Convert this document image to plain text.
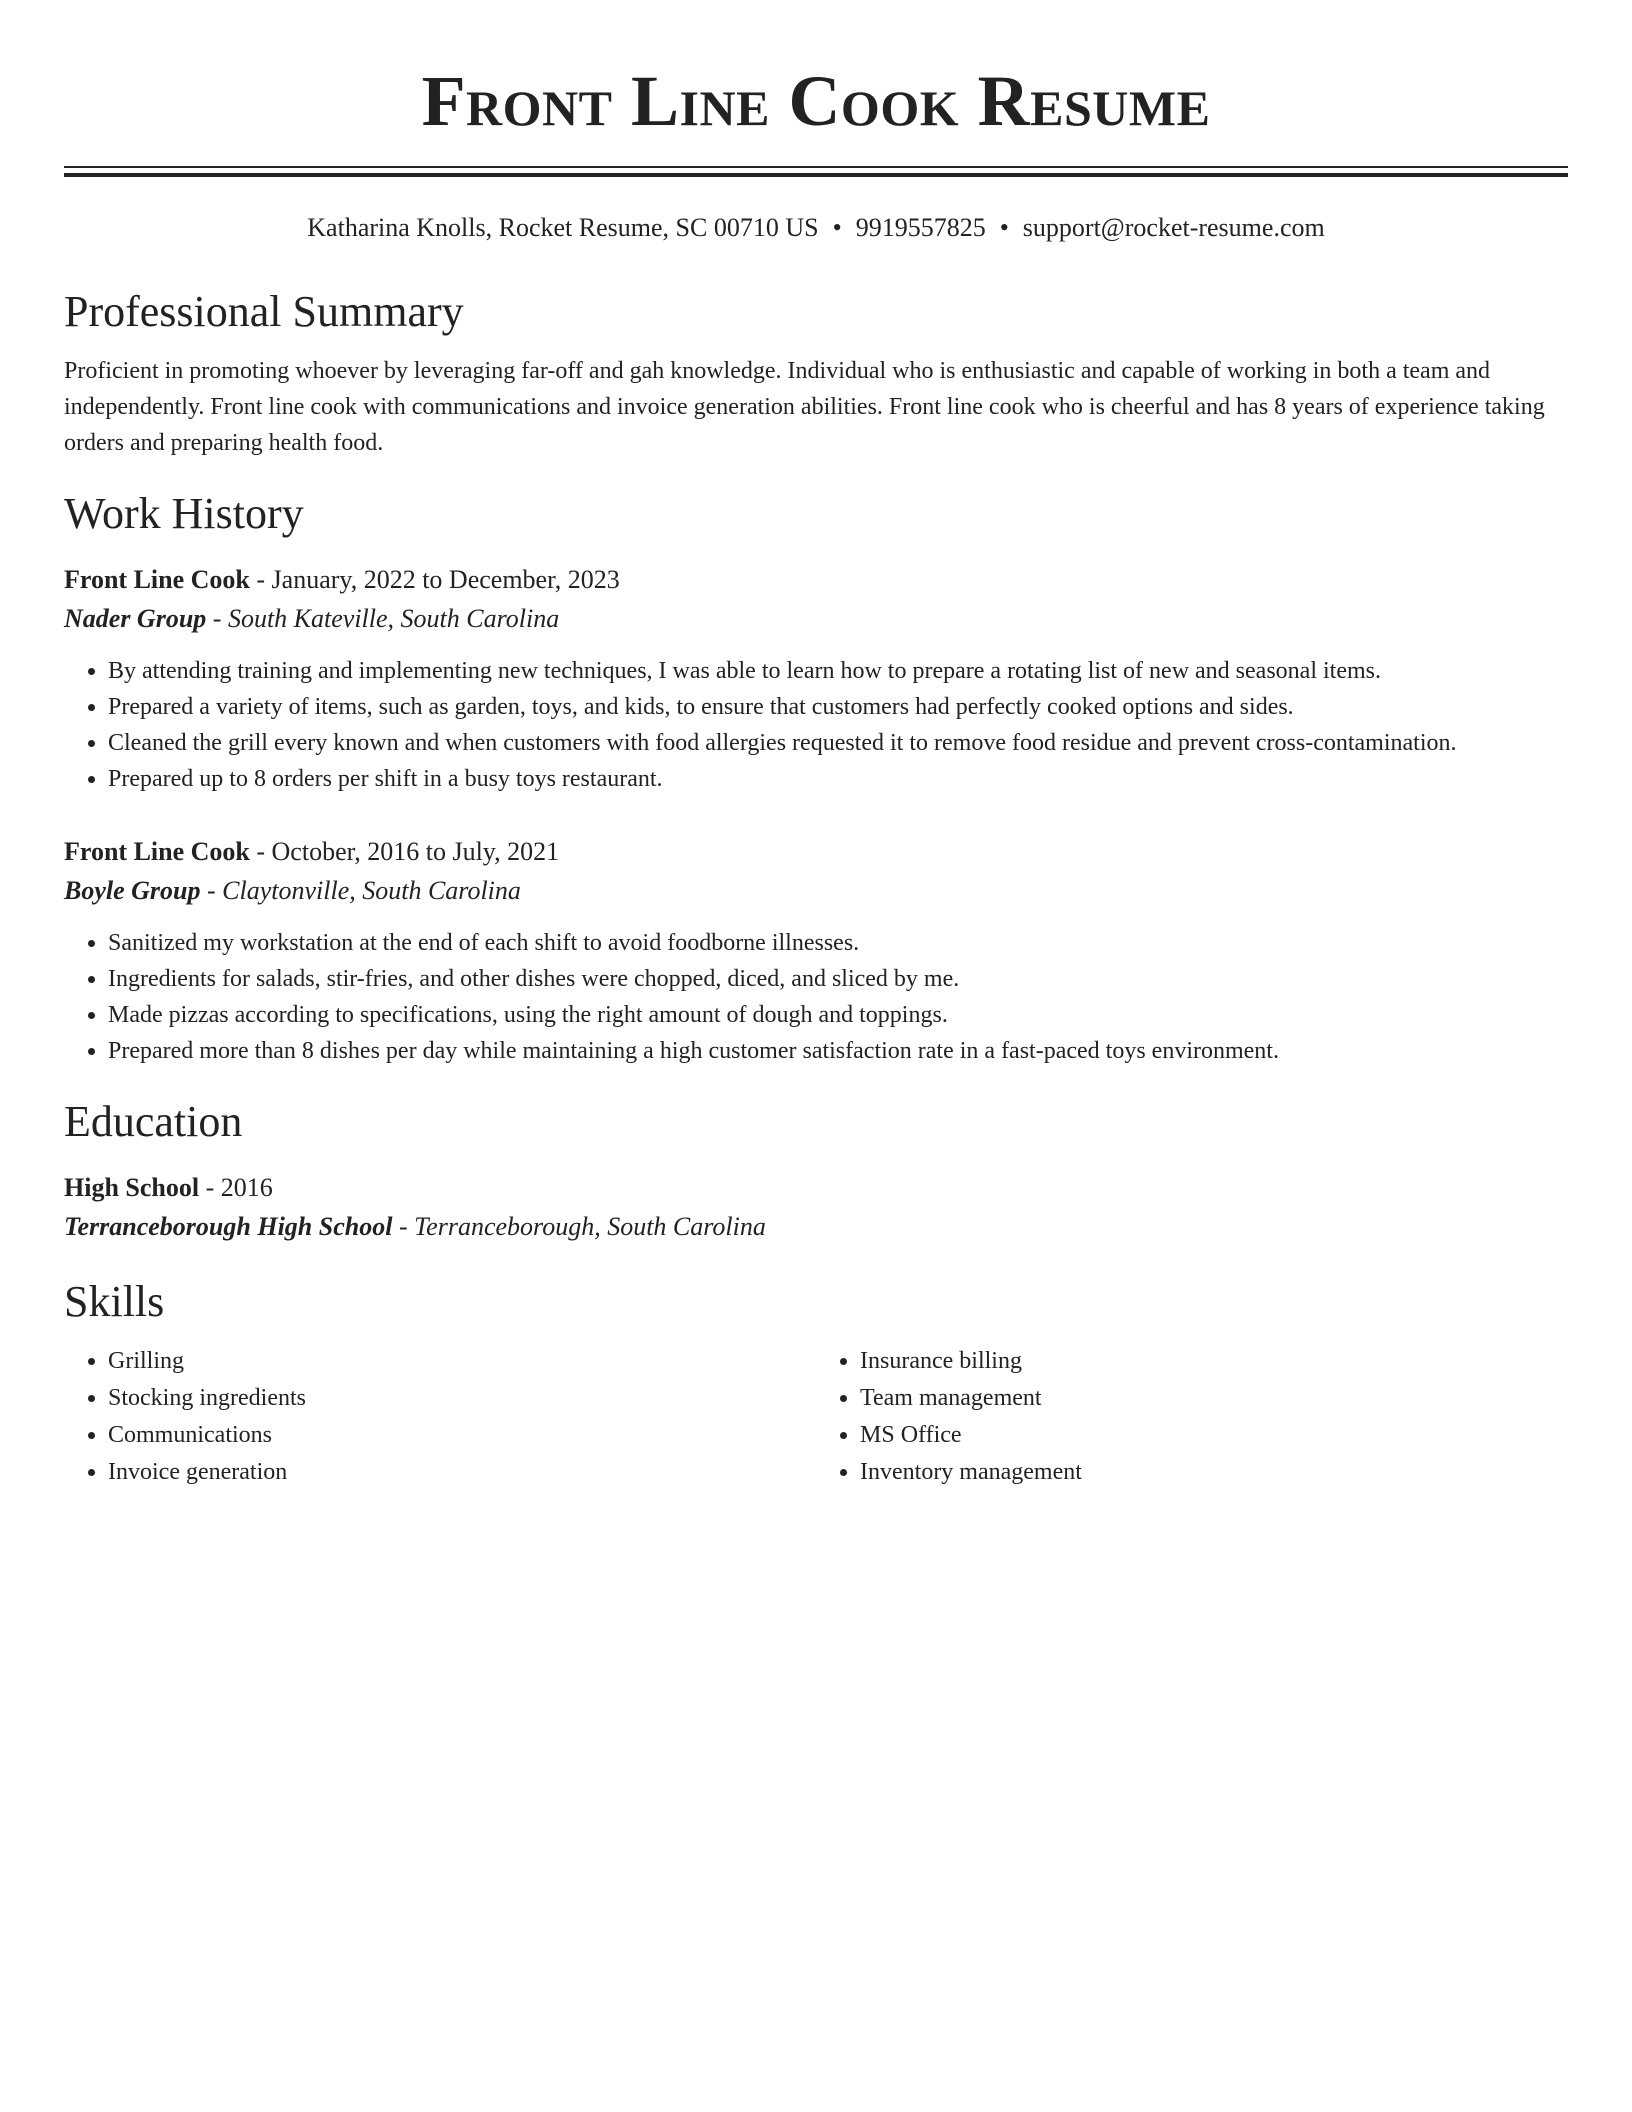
Front Line Cook Resume
Katharina Knolls, Rocket Resume, SC 00710 US • 9919557825 • support@rocket-resume.com
Professional Summary

Proficient in promoting whoever by leveraging far-off and gah knowledge. Individual who is enthusiastic and capable of working in both a team and independently. Front line cook with communications and invoice generation abilities. Front line cook who is cheerful and has 8 years of experience taking orders and preparing health food.

Work History
Front Line Cook - January, 2022 to December, 2023
Nader Group - South Kateville, South Carolina
• By attending training and implementing new techniques, I was able to learn how to prepare a rotating list of new and seasonal items.
• Prepared a variety of items, such as garden, toys, and kids, to ensure that customers had perfectly cooked options and sides.
• Cleaned the grill every known and when customers with food allergies requested it to remove food residue and prevent cross-contamination.
• Prepared up to 8 orders per shift in a busy toys restaurant.
Front Line Cook - October, 2016 to July, 2021
Boyle Group - Claytonville, South Carolina
• Sanitized my workstation at the end of each shift to avoid foodborne illnesses.
• Ingredients for salads, stir-fries, and other dishes were chopped, diced, and sliced by me.
• Made pizzas according to specifications, using the right amount of dough and toppings.
• Prepared more than 8 dishes per day while maintaining a high customer satisfaction rate in a fast-paced toys environment.
Education
High School - 2016
Terranceborough High School - Terranceborough, South Carolina
Skills
• Grilling
• Stocking ingredients
• Communications
• Invoice generation
• Insurance billing
• Team management
• MS Office
• Inventory management
